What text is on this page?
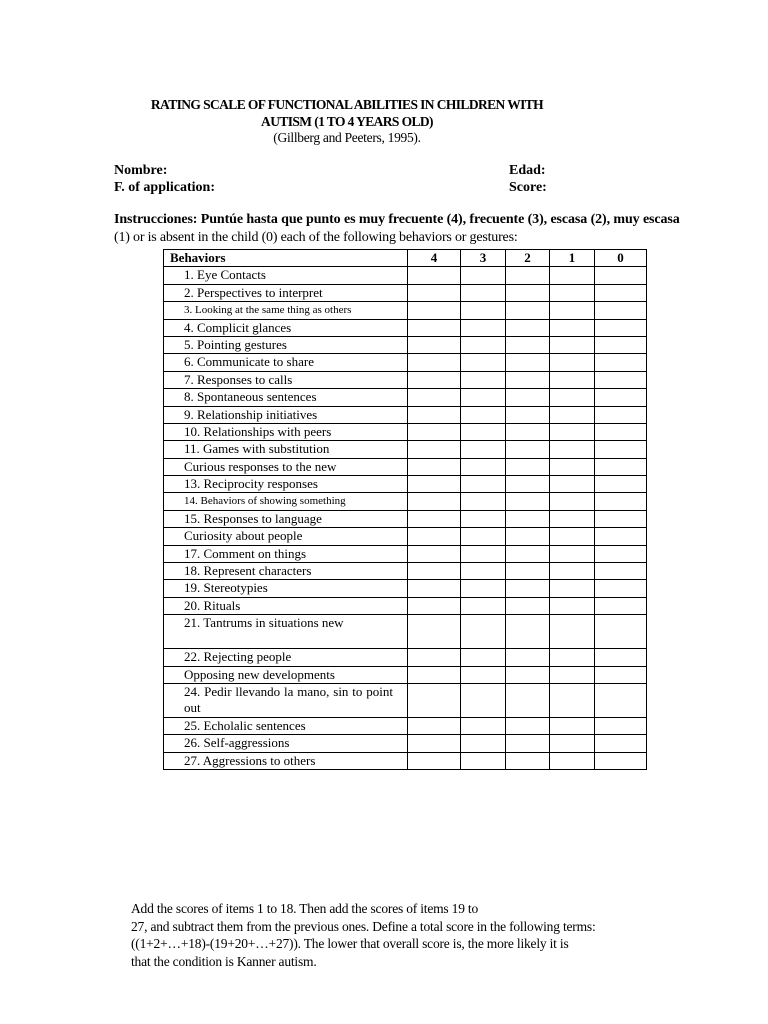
RATING SCALE OF FUNCTIONAL ABILITIES IN CHILDREN WITH
AUTISM (1 TO 4 YEARS OLD)
(Gillberg and Peeters, 1995).
Nombre:	Edad:
F. of application:	Score:
Instrucciones: Puntúe hasta que punto es muy frecuente (4), frecuente (3), escasa (2), muy escasa
(1) or is absent in the child (0) each of the following behaviors or gestures:
Behaviors	4	3	2	1	0
1. Eye Contacts					
2. Perspectives to interpret					
3. Looking at the same thing as others					
4. Complicit glances					
5. Pointing gestures					
6. Communicate to share					
7. Responses to calls					
8. Spontaneous sentences					
9. Relationship initiatives					
10. Relationships with peers					
11. Games with substitution					
Curious responses to the new					
13. Reciprocity responses					
14. Behaviors of showing something					
15. Responses to language					
Curiosity about people					
17. Comment on things					
18. Represent characters					
19. Stereotypies					
20. Rituals					
21. Tantrums in situations new					
22. Rejecting people					
Opposing new developments					
24. Pedir llevando la mano, sin to point out					
25. Echolalic sentences					
26. Self-aggressions					
27. Aggressions to others					
Add the scores of items 1 to 18. Then add the scores of items 19 to
27, and subtract them from the previous ones. Define a total score in the following terms:
((1+2+…+18)-(19+20+…+27)). The lower that overall score is, the more likely it is
that the condition is Kanner autism.
